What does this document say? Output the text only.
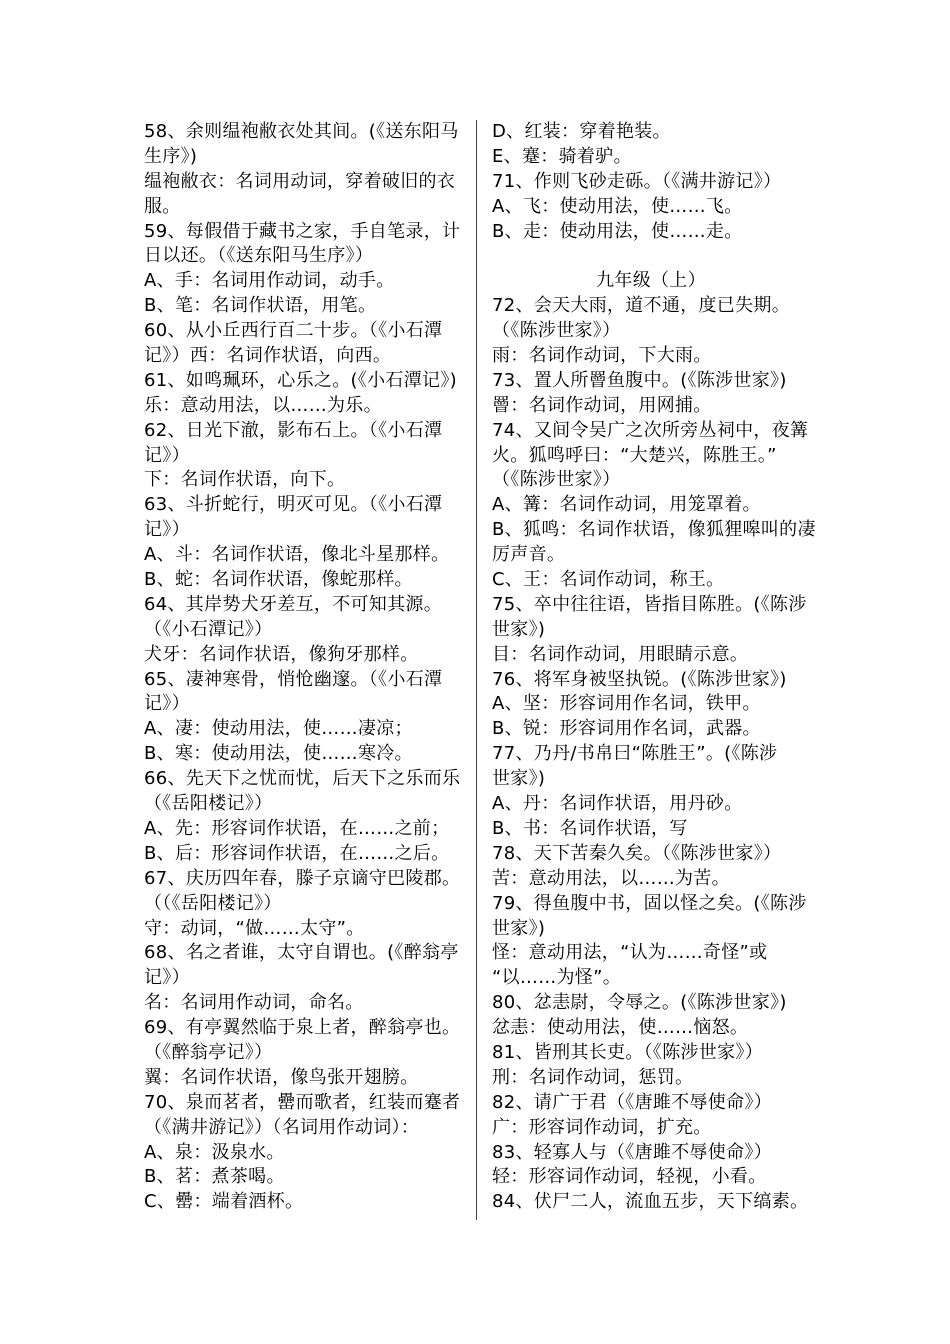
58、余则缊袍敝衣处其间。(《送东阳马
生序》)
缊袍敝衣：名词用动词，穿着破旧的衣
服。
59、每假借于藏书之家，手自笔录，计
日以还。（《送东阳马生序》）
A、手：名词用作动词，动手。
B、笔：名词作状语，用笔。
60、从小丘西行百二十步。（《小石潭
记》）西：名词作状语，向西。
61、如鸣珮环，心乐之。(《小石潭记》)
乐：意动用法，以……为乐。
62、日光下澈，影布石上。（《小石潭
记》）
下：名词作状语，向下。
63、斗折蛇行，明灭可见。（《小石潭
记》）
A、斗：名词作状语，像北斗星那样。
B、蛇：名词作状语，像蛇那样。
64、其岸势犬牙差互，不可知其源。
（《小石潭记》）
犬牙：名词作状语，像狗牙那样。
65、凄神寒骨，悄怆幽邃。（《小石潭
记》）
A、凄：使动用法，使……凄凉；
B、寒：使动用法，使……寒冷。
66、先天下之忧而忧，后天下之乐而乐
（《岳阳楼记》）
A、先：形容词作状语，在……之前；
B、后：形容词作状语，在……之后。
67、庆历四年春，滕子京谪守巴陵郡。
（（《岳阳楼记》）
守：动词，“做……太守”。
68、名之者谁，太守自谓也。(《醉翁亭
记》）
名：名词用作动词，命名。
69、有亭翼然临于泉上者，醉翁亭也。
（《醉翁亭记》）
翼：名词作状语，像鸟张开翅膀。
70、泉而茗者，罍而歌者，红装而蹇者
（《满井游记》）（名词用作动词）：
A、泉：汲泉水。
B、茗：煮茶喝。
C、罍：端着酒杯。
D、红装：穿着艳装。
E、蹇：骑着驴。
71、作则飞砂走砾。（《满井游记》）
A、飞：使动用法，使……飞。
B、走：使动用法，使……走。
九年级（上）
72、会天大雨，道不通，度已失期。
（《陈涉世家》）
雨：名词作动词，下大雨。
73、置人所罾鱼腹中。(《陈涉世家》)
罾：名词作动词，用网捕。
74、又间令吴广之次所旁丛祠中，夜篝
火。狐鸣呼曰：“大楚兴，陈胜王。”
（《陈涉世家》）
A、篝：名词作动词，用笼罩着。
B、狐鸣：名词作状语，像狐狸嗥叫的凄
厉声音。
C、王：名词作动词，称王。
75、卒中往往语，皆指目陈胜。(《陈涉
世家》)
目：名词作动词，用眼睛示意。
76、将军身被坚执锐。(《陈涉世家》)
A、坚：形容词用作名词，铁甲。
B、锐：形容词用作名词，武器。
77、乃丹/书帛曰“陈胜王”。(《陈涉
世家》)
A、丹：名词作状语，用丹砂。
B、书：名词作状语，写
78、天下苦秦久矣。（《陈涉世家》）
苦：意动用法，以……为苦。
79、得鱼腹中书，固以怪之矣。(《陈涉
世家》)
怪：意动用法，“认为……奇怪”或
“以……为怪”。
80、忿恚尉，令辱之。(《陈涉世家》)
忿恚：使动用法，使……恼怒。
81、皆刑其长吏。（《陈涉世家》）
刑：名词作动词，惩罚。
82、请广于君（《唐雎不辱使命》）
广：形容词作动词，扩充。
83、轻寡人与（《唐雎不辱使命》）
轻：形容词作动词，轻视，小看。
84、伏尸二人，流血五步，天下缟素。
